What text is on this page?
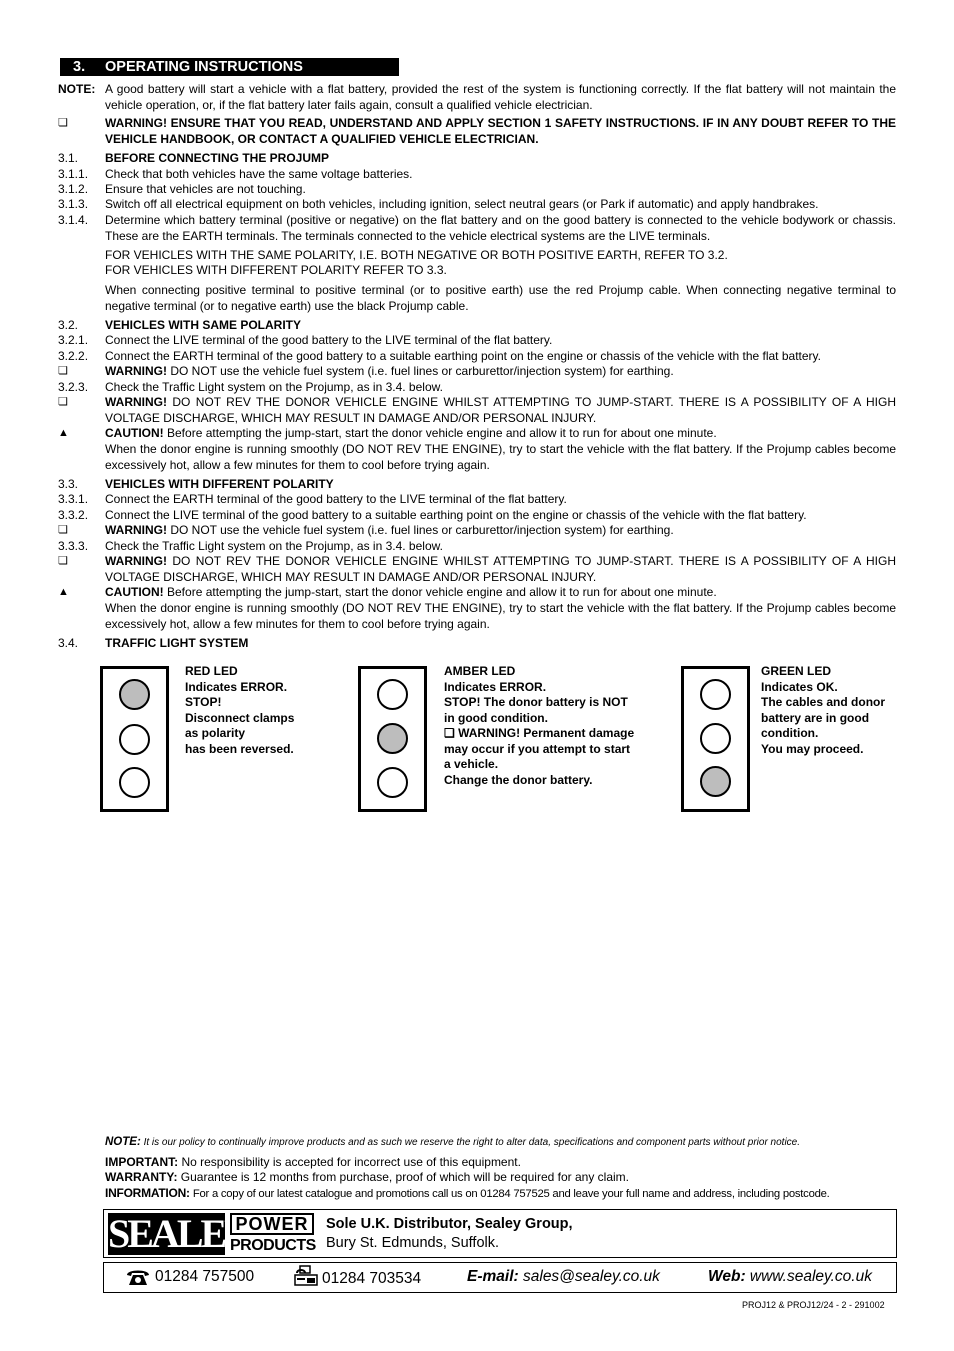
3. OPERATING INSTRUCTIONS
NOTE: A good battery will start a vehicle with a flat battery, provided the rest of the system is functioning correctly. If the flat battery will not maintain the vehicle operation, or, if the flat battery later fails again, consult a qualified vehicle electrician.
❏	WARNING! ENSURE THAT YOU READ, UNDERSTAND AND APPLY SECTION 1 SAFETY INSTRUCTIONS. IF IN ANY DOUBT REFER TO THE VEHICLE HANDBOOK, OR CONTACT A QUALIFIED VEHICLE ELECTRICIAN.
3.1. BEFORE CONNECTING THE PROJUMP
3.1.1. Check that both vehicles have the same voltage batteries.
3.1.2. Ensure that vehicles are not touching.
3.1.3. Switch off all electrical equipment on both vehicles, including ignition, select neutral gears (or Park if automatic) and apply handbrakes.
3.1.4. Determine which battery terminal (positive or negative) on the flat battery and on the good battery is connected to the vehicle bodywork or chassis. These are the EARTH terminals. The terminals connected to the vehicle electrical systems are the LIVE terminals.
FOR VEHICLES WITH THE SAME POLARITY, I.E. BOTH NEGATIVE OR BOTH POSITIVE EARTH, REFER TO 3.2.
FOR VEHICLES WITH DIFFERENT POLARITY REFER TO 3.3.
When connecting positive terminal to positive terminal (or to positive earth) use the red Projump cable. When connecting negative terminal to negative terminal (or to negative earth) use the black Projump cable.
3.2. VEHICLES WITH SAME POLARITY
3.2.1. Connect the LIVE terminal of the good battery to the LIVE terminal of the flat battery.
3.2.2. Connect the EARTH terminal of the good battery to a suitable earthing point on the engine or chassis of the vehicle with the flat battery.
❏	WARNING! DO NOT use the vehicle fuel system (i.e. fuel lines or carburettor/injection system) for earthing.
3.2.3. Check the Traffic Light system on the Projump, as in 3.4. below.
❏	WARNING! DO NOT REV THE DONOR VEHICLE ENGINE WHILST ATTEMPTING TO JUMP-START. THERE IS A POSSIBILITY OF A HIGH VOLTAGE DISCHARGE, WHICH MAY RESULT IN DAMAGE AND/OR PERSONAL INJURY.
▲	CAUTION! Before attempting the jump-start, start the donor vehicle engine and allow it to run for about one minute.
When the donor engine is running smoothly (DO NOT REV THE ENGINE), try to start the vehicle with the flat battery. If the Projump cables become excessively hot, allow a few minutes for them to cool before trying again.
3.3. VEHICLES WITH DIFFERENT POLARITY
3.3.1. Connect the EARTH terminal of the good battery to the LIVE terminal of the flat battery.
3.3.2. Connect the LIVE terminal of the good battery to a suitable earthing point on the engine or chassis of the vehicle with the flat battery.
❏	WARNING! DO NOT use the vehicle fuel system (i.e. fuel lines or carburettor/injection system) for earthing.
3.3.3. Check the Traffic Light system on the Projump, as in 3.4. below.
❏	WARNING! DO NOT REV THE DONOR VEHICLE ENGINE WHILST ATTEMPTING TO JUMP-START. THERE IS A POSSIBILITY OF A HIGH VOLTAGE DISCHARGE, WHICH MAY RESULT IN DAMAGE AND/OR PERSONAL INJURY.
▲	CAUTION! Before attempting the jump-start, start the donor vehicle engine and allow it to run for about one minute.
When the donor engine is running smoothly (DO NOT REV THE ENGINE), try to start the vehicle with the flat battery. If the Projump cables become excessively hot, allow a few minutes for them to cool before trying again.
3.4. TRAFFIC LIGHT SYSTEM
RED LED
Indicates ERROR.
STOP!
Disconnect clamps
as polarity
has been reversed.
AMBER LED
Indicates ERROR.
STOP! The donor battery is NOT
in good condition.
❏ WARNING! Permanent damage
may occur if you attempt to start
a vehicle.
Change the donor battery.
GREEN LED
Indicates OK.
The cables and donor
battery are in good
condition.
You may proceed.
NOTE: It is our policy to continually improve products and as such we reserve the right to alter data, specifications and component parts without prior notice.
IMPORTANT: No responsibility is accepted for incorrect use of this equipment.
WARRANTY: Guarantee is 12 months from purchase, proof of which will be required for any claim.
INFORMATION: For a copy of our latest catalogue and promotions call us on 01284 757525 and leave your full name and address, including postcode.
SEALEY
POWER
PRODUCTS
Sole U.K. Distributor, Sealey Group,
Bury St. Edmunds, Suffolk.
01284 757500	01284 703534	E-mail: sales@sealey.co.uk	Web: www.sealey.co.uk
PROJ12 & PROJ12/24 - 2 - 291002
